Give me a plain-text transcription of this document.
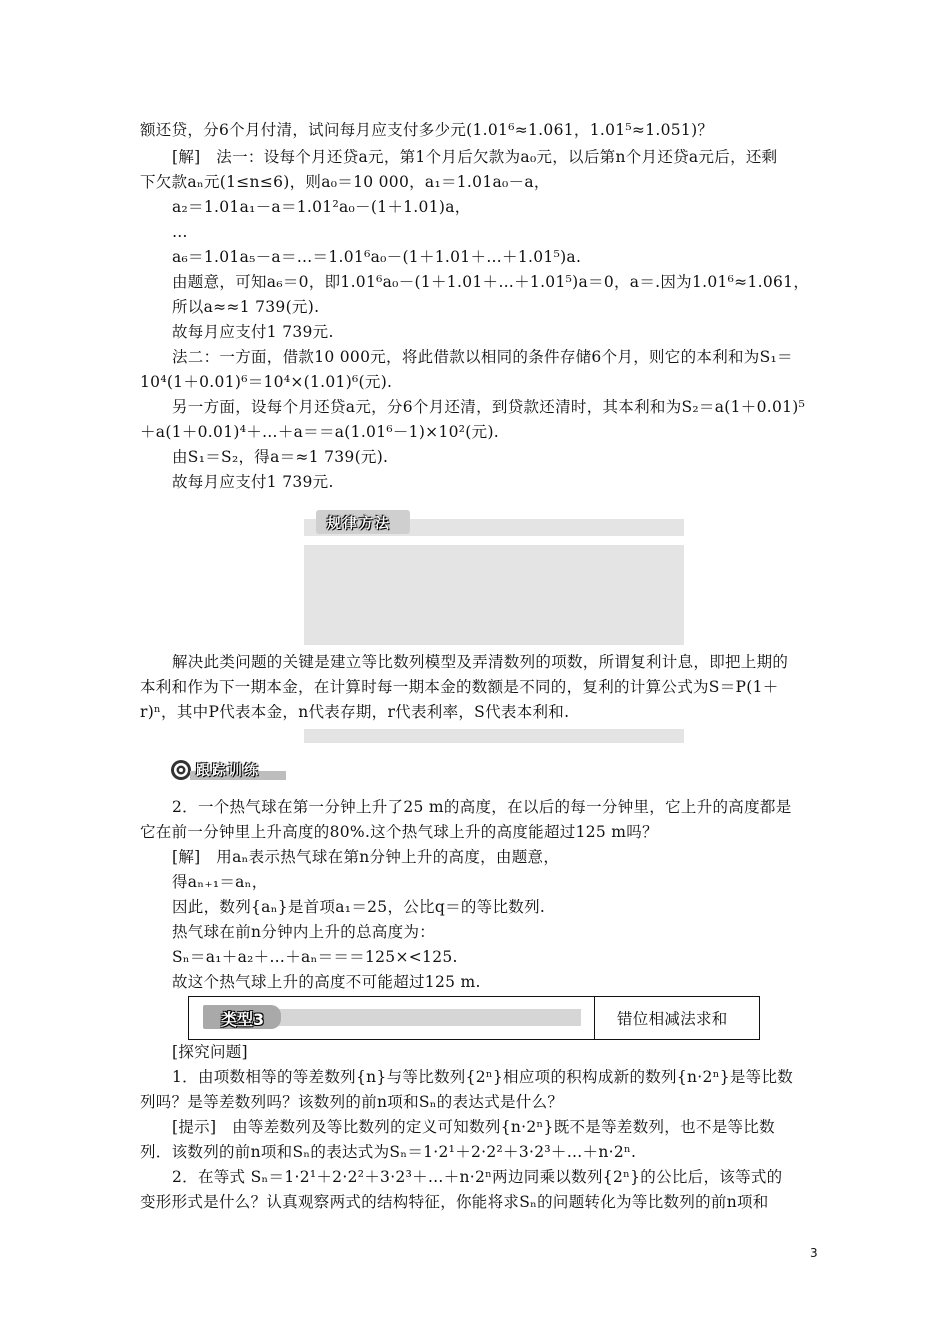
额还贷，分6个月付清，试问每月应支付多少元(1.01⁶≈1.061，1.01⁵≈1.051)？
[解]　法一：设每个月还贷a元，第1个月后欠款为a₀元，以后第n个月还贷a元后，还剩
下欠款aₙ元(1≤n≤6)，则a₀＝10 000，a₁＝1.01a₀－a，
a₂＝1.01a₁－a＝1.01²a₀－(1＋1.01)a，
…
a₆＝1.01a₅－a＝…＝1.01⁶a₀－(1＋1.01＋…＋1.01⁵)a.
由题意，可知a₆＝0，即1.01⁶a₀－(1＋1.01＋…＋1.01⁵)a＝0，a＝.因为1.01⁶≈1.061，
所以a≈≈1 739(元).
故每月应支付1 739元.
法二：一方面，借款10 000元，将此借款以相同的条件存储6个月，则它的本利和为S₁＝
10⁴(1＋0.01)⁶＝10⁴×(1.01)⁶(元).
另一方面，设每个月还贷a元，分6个月还清，到贷款还清时，其本利和为S₂＝a(1＋0.01)⁵
＋a(1＋0.01)⁴＋…＋a＝＝a(1.01⁶－1)×10²(元).
由S₁＝S₂，得a＝≈1 739(元).
故每月应支付1 739元.
规律方法
解决此类问题的关键是建立等比数列模型及弄清数列的项数，所谓复利计息，即把上期的
本利和作为下一期本金，在计算时每一期本金的数额是不同的，复利的计算公式为S＝P(1＋
r)ⁿ，其中P代表本金，n代表存期，r代表利率，S代表本利和.
跟踪训练
2．一个热气球在第一分钟上升了25 m的高度，在以后的每一分钟里，它上升的高度都是
它在前一分钟里上升高度的80%.这个热气球上升的高度能超过125 m吗？
[解]　用aₙ表示热气球在第n分钟上升的高度，由题意，
得aₙ₊₁＝aₙ，
因此，数列{aₙ}是首项a₁＝25，公比q＝的等比数列.
热气球在前n分钟内上升的总高度为：
Sₙ＝a₁＋a₂＋…＋aₙ＝＝＝125×<125.
故这个热气球上升的高度不可能超过125 m.
类型3	错位相减法求和
[探究问题]
1．由项数相等的等差数列{n}与等比数列{2ⁿ}相应项的积构成新的数列{n·2ⁿ}是等比数
列吗？是等差数列吗？该数列的前n项和Sₙ的表达式是什么？
[提示]　由等差数列及等比数列的定义可知数列{n·2ⁿ}既不是等差数列，也不是等比数
列．该数列的前n项和Sₙ的表达式为Sₙ＝1·2¹＋2·2²＋3·2³＋…＋n·2ⁿ.
2．在等式 Sₙ＝1·2¹＋2·2²＋3·2³＋…＋n·2ⁿ两边同乘以数列{2ⁿ}的公比后，该等式的
变形形式是什么？认真观察两式的结构特征，你能将求Sₙ的问题转化为等比数列的前n项和
3
